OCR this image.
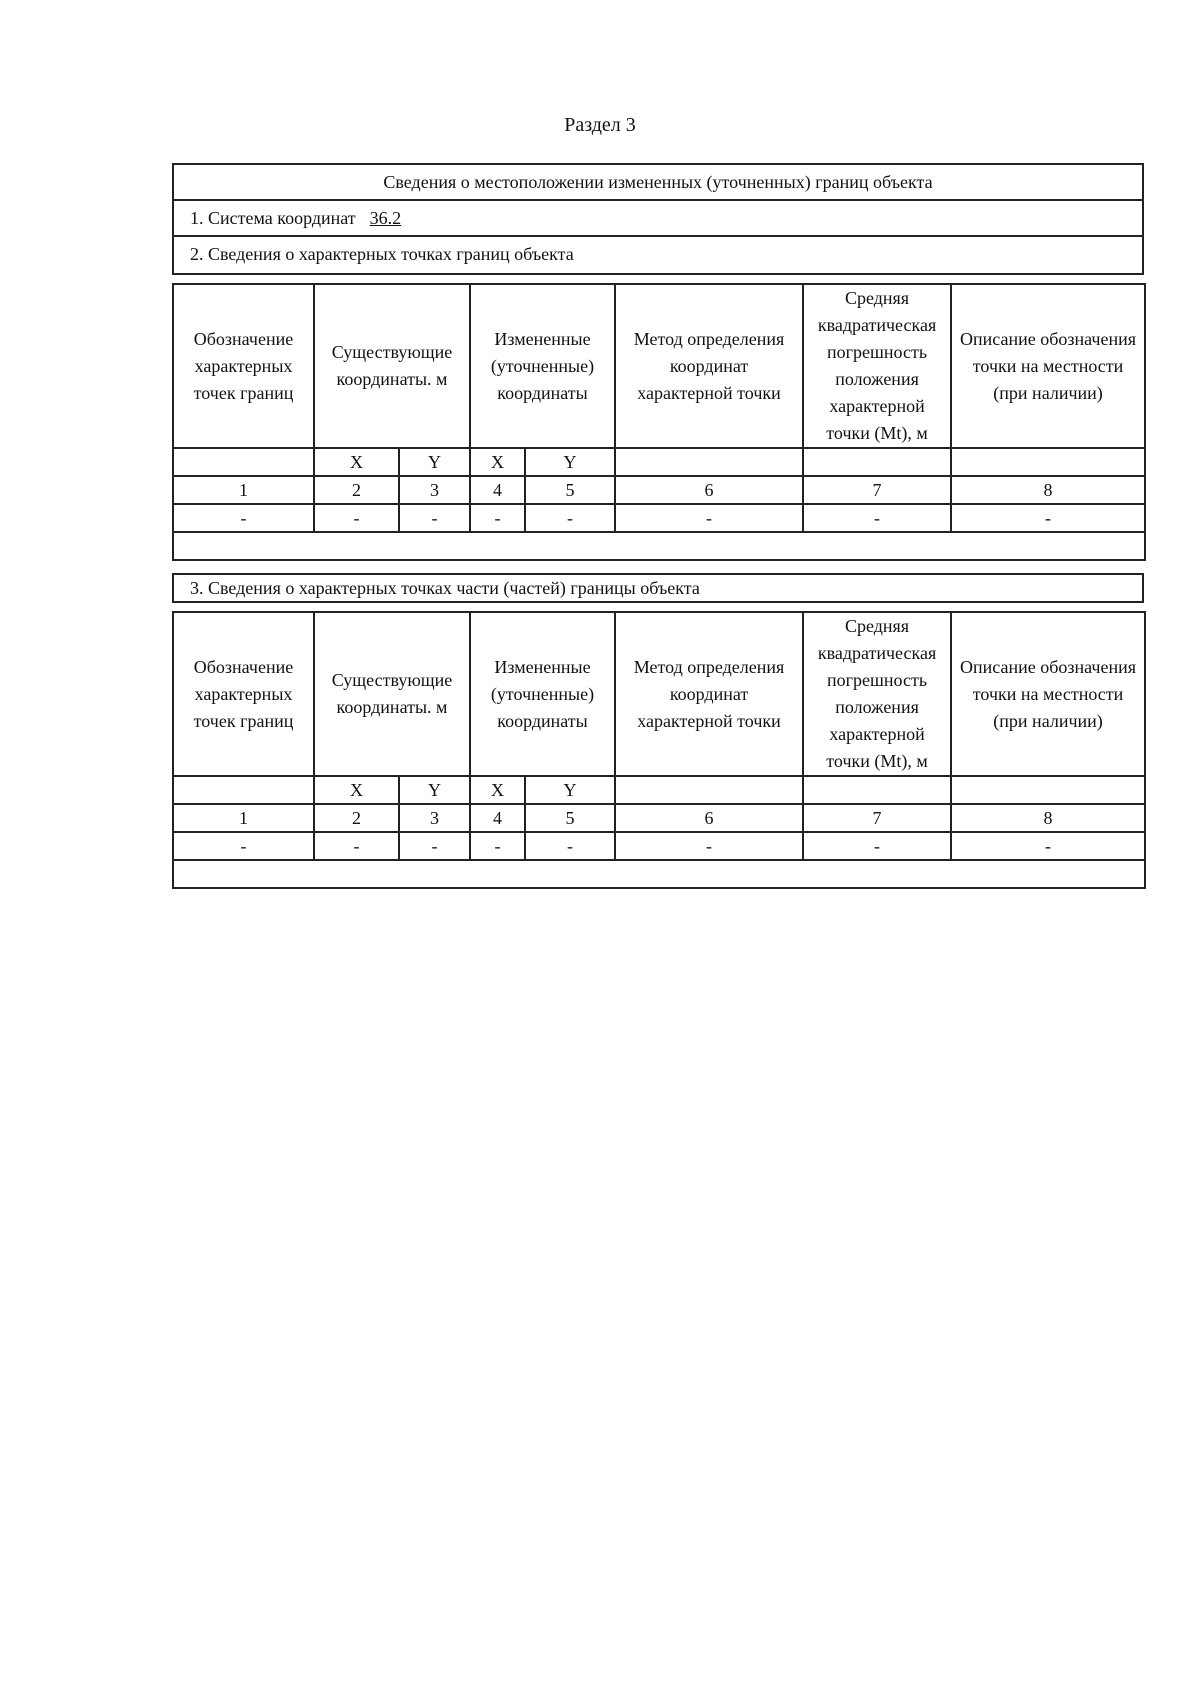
Раздел 3
Сведения о местоположении измененных (уточненных) границ объекта
1. Система координат 36.2
2. Сведения о характерных точках границ объекта
Обозначение характерных точек границ	Существующие координаты. м		Измененные (уточненные) координаты		Метод определения координат характерной точки	Средняя квадратическая погрешность положения характерной точки (Mt), м	Описание обозначения точки на местности (при наличии)
	X	Y	X	Y			
1	2	3	4	5	6	7	8
-	-	-	-	-	-	-	-

3. Сведения о характерных точках части (частей) границы объекта
Обозначение характерных точек границ	Существующие координаты. м		Измененные (уточненные) координаты		Метод определения координат характерной точки	Средняя квадратическая погрешность положения характерной точки (Mt), м	Описание обозначения точки на местности (при наличии)
	X	Y	X	Y			
1	2	3	4	5	6	7	8
-	-	-	-	-	-	-	-
